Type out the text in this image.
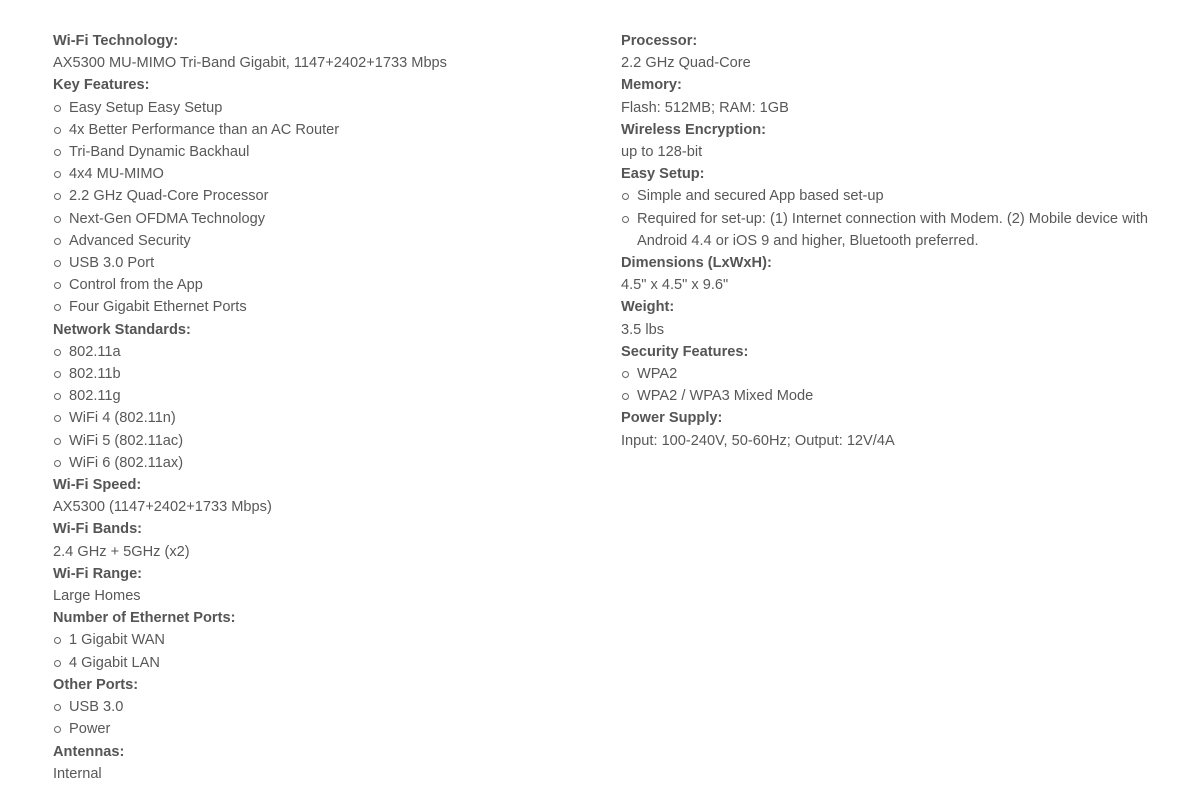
Wi-Fi Technology:
AX5300 MU-MIMO Tri-Band Gigabit, 1147+2402+1733 Mbps
Key Features:
Easy Setup Easy Setup
4x Better Performance than an AC Router
Tri-Band Dynamic Backhaul
4x4 MU-MIMO
2.2 GHz Quad-Core Processor
Next-Gen OFDMA Technology
Advanced Security
USB 3.0 Port
Control from the App
Four Gigabit Ethernet Ports
Network Standards:
802.11a
802.11b
802.11g
WiFi 4 (802.11n)
WiFi 5 (802.11ac)
WiFi 6 (802.11ax)
Wi-Fi Speed:
AX5300 (1147+2402+1733 Mbps)
Wi-Fi Bands:
2.4 GHz + 5GHz (x2)
Wi-Fi Range:
Large Homes
Number of Ethernet Ports:
1 Gigabit WAN
4 Gigabit LAN
Other Ports:
USB 3.0
Power
Antennas:
Internal
Processor:
2.2 GHz Quad-Core
Memory:
Flash: 512MB; RAM: 1GB
Wireless Encryption:
up to 128-bit
Easy Setup:
Simple and secured App based set-up
Required for set-up: (1) Internet connection with Modem. (2) Mobile device with Android 4.4 or iOS 9 and higher, Bluetooth preferred.
Dimensions (LxWxH):
4.5" x 4.5" x 9.6"
Weight:
3.5 lbs
Security Features:
WPA2
WPA2 / WPA3 Mixed Mode
Power Supply:
Input: 100-240V, 50-60Hz; Output: 12V/4A
